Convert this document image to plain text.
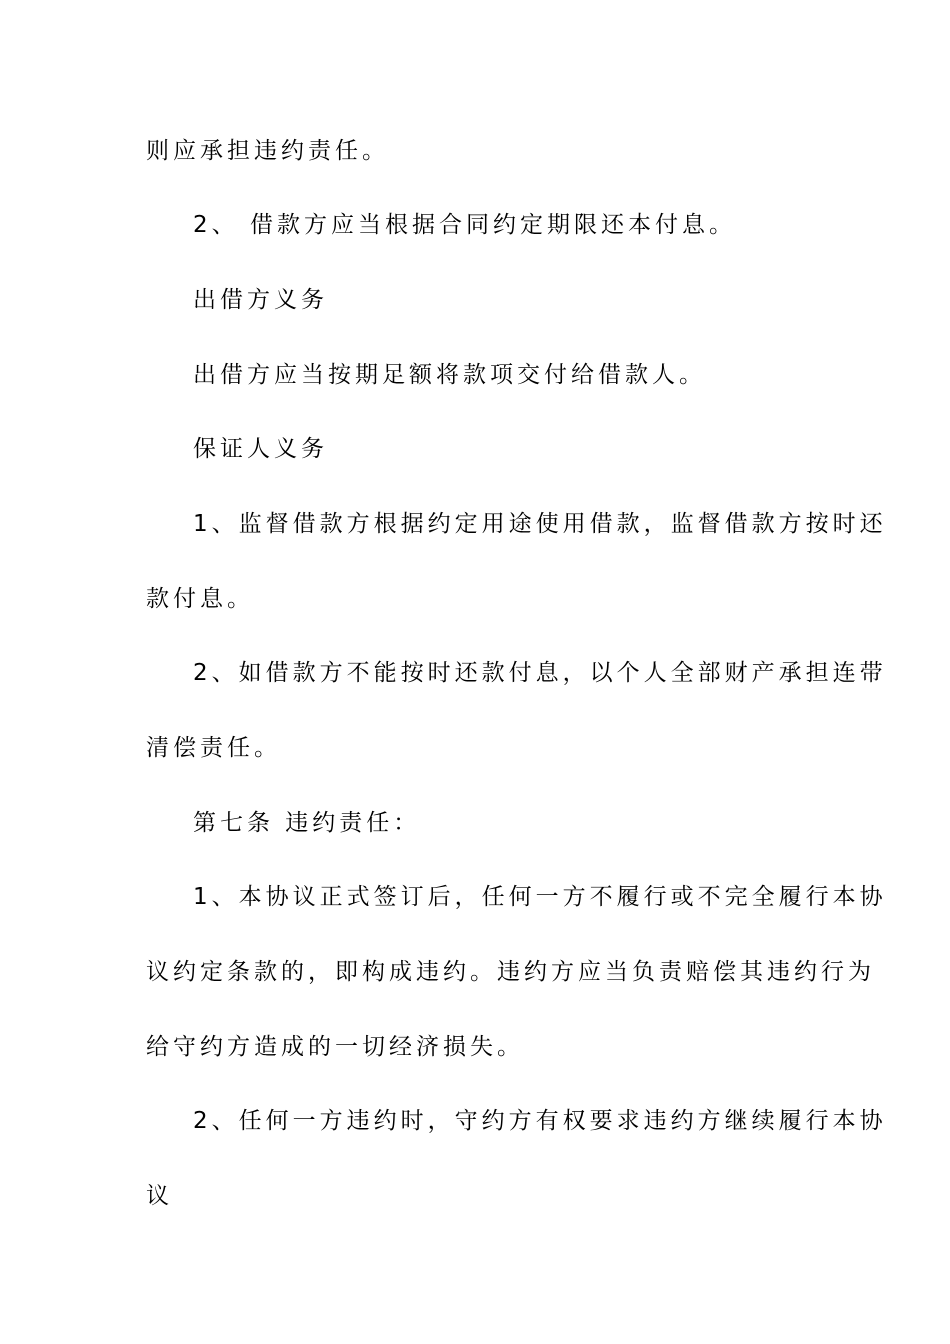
则应承担违约责任。
2、 借款方应当根据合同约定期限还本付息。
出借方义务
出借方应当按期足额将款项交付给借款人。
保证人义务
1、监督借款方根据约定用途使用借款，监督借款方按时还
款付息。
2、如借款方不能按时还款付息，以个人全部财产承担连带
清偿责任。
第七条 违约责任：
1、本协议正式签订后，任何一方不履行或不完全履行本协
议约定条款的，即构成违约。违约方应当负责赔偿其违约行为
给守约方造成的一切经济损失。
2、任何一方违约时，守约方有权要求违约方继续履行本协
议
